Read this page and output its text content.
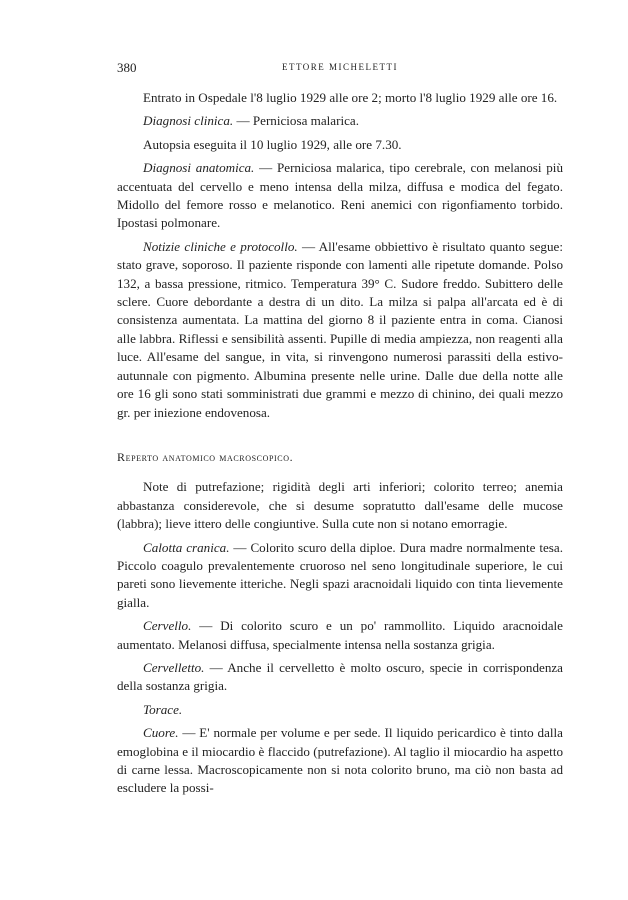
380	ETTORE MICHELETTI

Entrato in Ospedale l'8 luglio 1929 alle ore 2; morto l'8 luglio 1929 alle ore 16.

Diagnosi clinica. — Perniciosa malarica.

Autopsia eseguita il 10 luglio 1929, alle ore 7.30.

Diagnosi anatomica. — Perniciosa malarica, tipo cerebrale, con melanosi più accentuata del cervello e meno intensa della milza, diffusa e modica del fegato. Midollo del femore rosso e melanotico. Reni anemici con rigonfiamento torbido. Ipostasi polmonare.

Notizie cliniche e protocollo. — All'esame obbiettivo è risultato quanto segue: stato grave, soporoso. Il paziente risponde con lamenti alle ripetute domande. Polso 132, a bassa pressione, ritmico. Temperatura 39° C. Sudore freddo. Subittero delle sclere. Cuore debordante a destra di un dito. La milza si palpa all'arcata ed è di consistenza aumentata. La mattina del giorno 8 il paziente entra in coma. Cianosi alle labbra. Riflessi e sensibilità assenti. Pupille di media ampiezza, non reagenti alla luce. All'esame del sangue, in vita, si rinvengono numerosi parassiti della estivo-autunnale con pigmento. Albumina presente nelle urine. Dalle due della notte alle ore 16 gli sono stati somministrati due grammi e mezzo di chinino, dei quali mezzo gr. per iniezione endovenosa.

Reperto anatomico macroscopico.

Note di putrefazione; rigidità degli arti inferiori; colorito terreo; anemia abbastanza considerevole, che si desume sopratutto dall'esame delle mucose (labbra); lieve ittero delle congiuntive. Sulla cute non si notano emorragie.

Calotta cranica. — Colorito scuro della diploe. Dura madre normalmente tesa. Piccolo coagulo prevalentemente cruoroso nel seno longitudinale superiore, le cui pareti sono lievemente itteriche. Negli spazi aracnoidali liquido con tinta lievemente gialla.

Cervello. — Di colorito scuro e un po' rammollito. Liquido aracnoidale aumentato. Melanosi diffusa, specialmente intensa nella sostanza grigia.

Cervelletto. — Anche il cervelletto è molto oscuro, specie in corrispondenza della sostanza grigia.

Torace.

Cuore. — E' normale per volume e per sede. Il liquido pericardico è tinto dalla emoglobina e il miocardio è flaccido (putrefazione). Al taglio il miocardio ha aspetto di carne lessa. Macroscopicamente non si nota colorito bruno, ma ciò non basta ad escludere la possi-
